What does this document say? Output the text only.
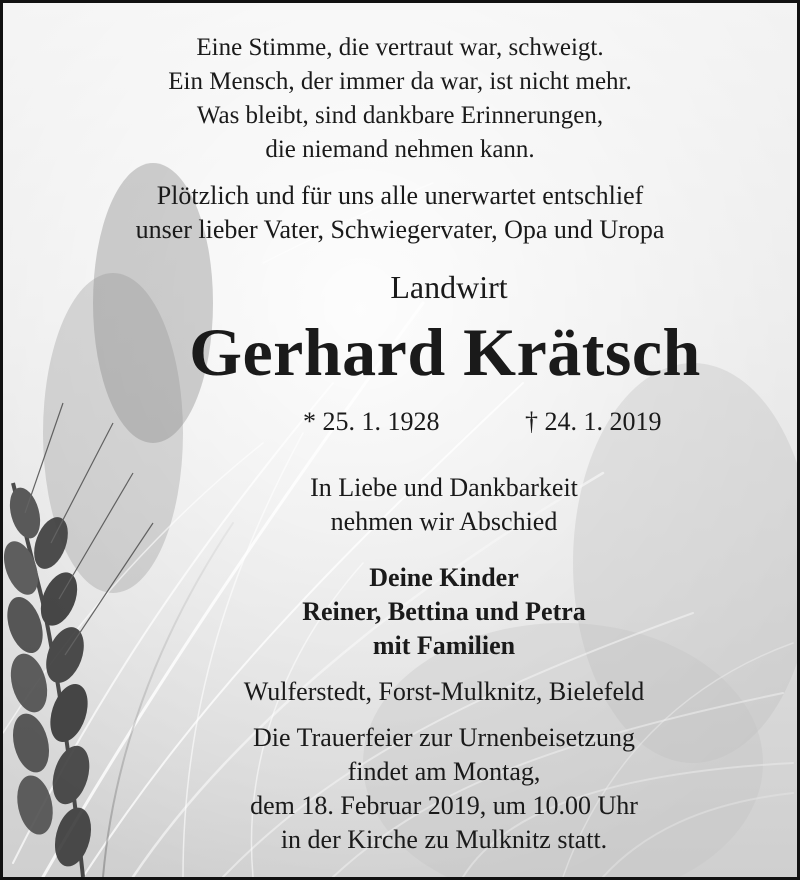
Eine Stimme, die vertraut war, schweigt.
Ein Mensch, der immer da war, ist nicht mehr.
Was bleibt, sind dankbare Erinnerungen,
die niemand nehmen kann.
Plötzlich und für uns alle unerwartet entschlief
unser lieber Vater, Schwiegervater, Opa und Uropa
Landwirt
Gerhard Krätsch
* 25. 1. 1928	† 24. 1. 2019
In Liebe und Dankbarkeit
nehmen wir Abschied
Deine Kinder
Reiner, Bettina und Petra
mit Familien
Wulferstedt, Forst-Mulknitz, Bielefeld
Die Trauerfeier zur Urnenbeisetzung
findet am Montag,
dem 18. Februar 2019, um 10.00 Uhr
in der Kirche zu Mulknitz statt.
